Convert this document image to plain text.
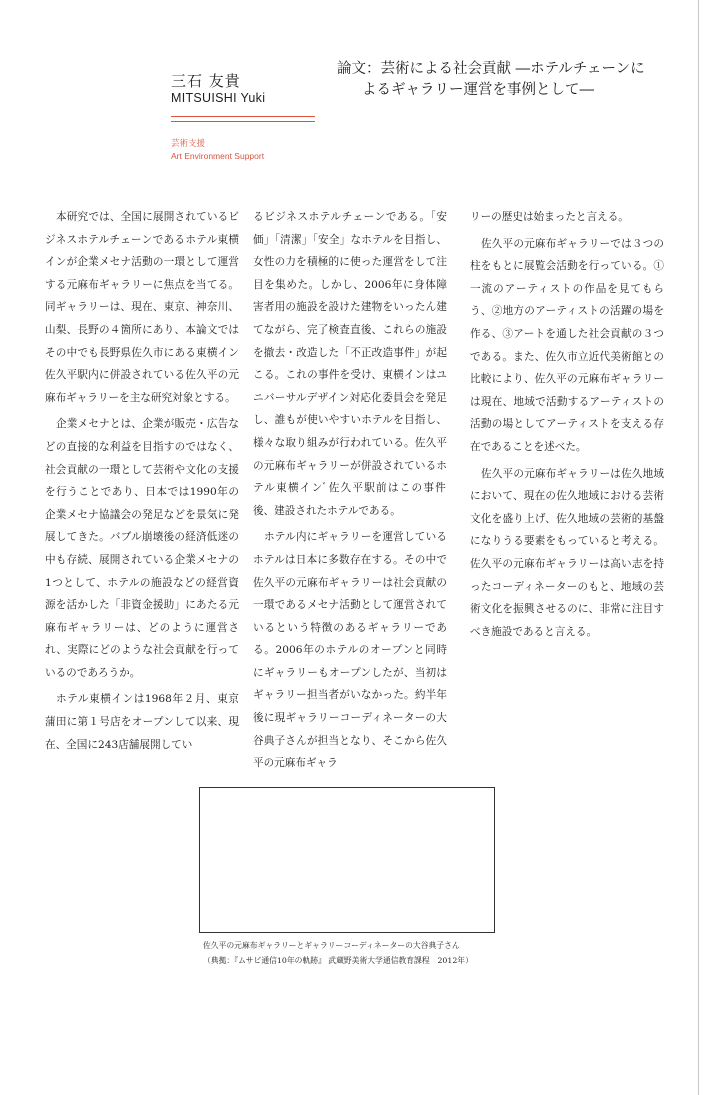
三石 友貴
MITSUISHI Yuki
芸術支援
Art Environment Support
論文：芸術による社会貢献 ―ホテルチェーンに
よるギャラリー運営を事例として―

本研究では、全国に展開されているビジネスホテルチェーンであるホテル東横インが企業メセナ活動の一環として運営する元麻布ギャラリーに焦点を当てる。同ギャラリーは、現在、東京、神奈川、山梨、長野の４箇所にあり、本論文ではその中でも長野県佐久市にある東横イン佐久平駅内に併設されている佐久平の元麻布ギャラリーを主な研究対象とする。

企業メセナとは、企業が販売・広告などの直接的な利益を目指すのではなく、社会貢献の一環として芸術や文化の支援を行うことであり、日本では1990年の企業メセナ協議会の発足などを景気に発展してきた。バブル崩壊後の経済低迷の中も存続、展開されている企業メセナの1つとして、ホテルの施設などの経営資源を活かした「非資金援助」にあたる元麻布ギャラリーは、どのように運営され、実際にどのような社会貢献を行っているのであろうか。

ホテル東横インは1968年２月、東京蒲田に第１号店をオープンして以来、現在、全国に243店舗展開してい

るビジネスホテルチェーンである。「安価」「清潔」「安全」なホテルを目指し、女性の力を積極的に使った運営をして注目を集めた。しかし、2006年に身体障害者用の施設を設けた建物をいったん建てながら、完了検査直後、これらの施設を撤去・改造した「不正改造事件」が起こる。これの事件を受け、東横インはユニバーサルデザイン対応化委員会を発足し、誰もが使いやすいホテルを目指し、様々な取り組みが行われている。佐久平の元麻布ギャラリーが併設されているホテル東横インﾞ佐久平駅前はこの事件後、建設されたホテルである。

ホテル内にギャラリーを運営しているホテルは日本に多数存在する。その中で佐久平の元麻布ギャラリーは社会貢献の一環であるメセナ活動として運営されているという特徴のあるギャラリーである。2006年のホテルのオープンと同時にギャラリーもオープンしたが、当初はギャラリー担当者がいなかった。約半年後に現ギャラリーコーディネーターの大谷典子さんが担当となり、そこから佐久平の元麻布ギャラ

リーの歴史は始まったと言える。

佐久平の元麻布ギャラリーでは３つの柱をもとに展覧会活動を行っている。①一流のアーティストの作品を見てもらう、②地方のアーティストの活躍の場を作る、③アートを通した社会貢献の３つである。また、佐久市立近代美術館との比較により、佐久平の元麻布ギャラリーは現在、地域で活動するアーティストの活動の場としてアーティストを支える存在であることを述べた。

佐久平の元麻布ギャラリーは佐久地域において、現在の佐久地域における芸術文化を盛り上げ、佐久地域の芸術的基盤になりうる要素をもっていると考える。佐久平の元麻布ギャラリーは高い志を持ったコーディネーターのもと、地域の芸術文化を振興させるのに、非常に注目すべき施設であると言える。

佐久平の元麻布ギャラリーとギャラリーコーディネーターの大谷典子さん
（典拠：『ムサビ通信10年の軌跡』 武蔵野美術大学通信教育課程　2012年）
